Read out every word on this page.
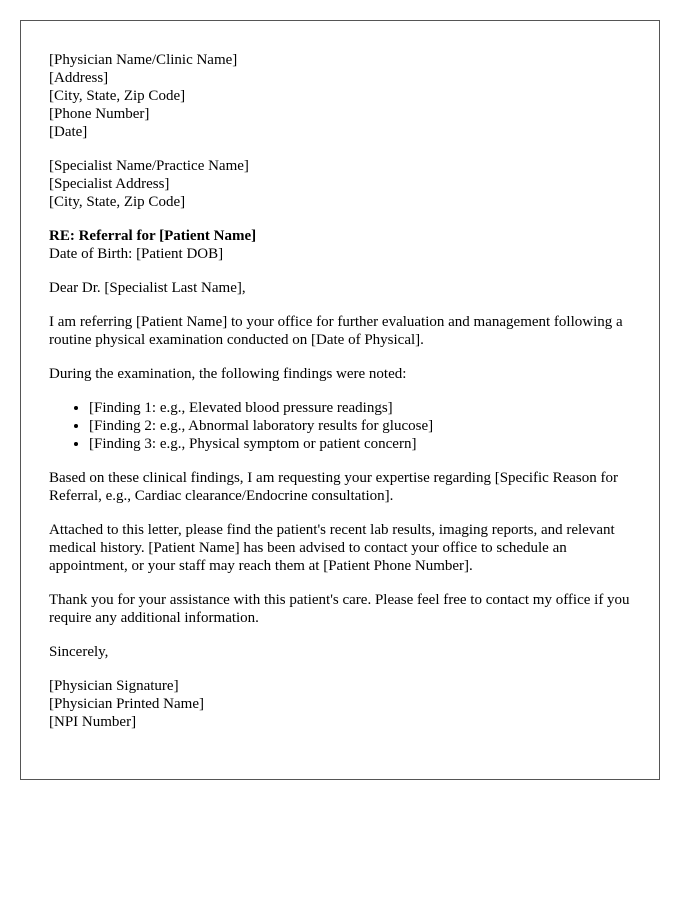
[Physician Name/Clinic Name]
[Address]
[City, State, Zip Code]
[Phone Number]
[Date]
[Specialist Name/Practice Name]
[Specialist Address]
[City, State, Zip Code]
RE: Referral for [Patient Name]
Date of Birth: [Patient DOB]

Dear Dr. [Specialist Last Name],

I am referring [Patient Name] to your office for further evaluation and management following a routine physical examination conducted on [Date of Physical].

During the examination, the following findings were noted:

• [Finding 1: e.g., Elevated blood pressure readings]
• [Finding 2: e.g., Abnormal laboratory results for glucose]
• [Finding 3: e.g., Physical symptom or patient concern]

Based on these clinical findings, I am requesting your expertise regarding [Specific Reason for Referral, e.g., Cardiac clearance/Endocrine consultation].

Attached to this letter, please find the patient's recent lab results, imaging reports, and relevant medical history. [Patient Name] has been advised to contact your office to schedule an appointment, or your staff may reach them at [Patient Phone Number].

Thank you for your assistance with this patient's care. Please feel free to contact my office if you require any additional information.

Sincerely,

[Physician Signature]
[Physician Printed Name]
[NPI Number]
